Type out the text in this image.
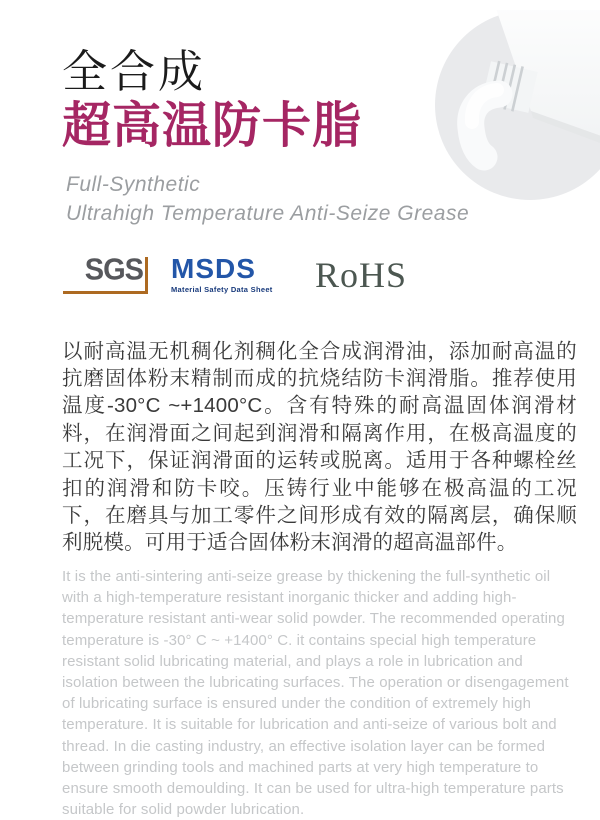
全合成
超高温防卡脂
Full-Synthetic
Ultrahigh Temperature Anti-Seize Grease
SGS MSDS
Material Safety Data Sheet RoHS

以耐高温无机稠化剂稠化全合成润滑油，添加耐高温的抗磨固体粉末精制而成的抗烧结防卡润滑脂。推荐使用温度-30°C ~+1400°C。含有特殊的耐高温固体润滑材料，在润滑面之间起到润滑和隔离作用，在极高温度的工况下，保证润滑面的运转或脱离。适用于各种螺栓丝扣的润滑和防卡咬。压铸行业中能够在极高温的工况下，在磨具与加工零件之间形成有效的隔离层，确保顺利脱模。可用于适合固体粉末润滑的超高温部件。

It is the anti-sintering anti-seize grease by thickening the full-synthetic oil with a high-temperature resistant inorganic thicker and adding high-temperature resistant anti-wear solid powder. The recommended operating temperature is -30° C ~ +1400° C. it contains special high temperature resistant solid lubricating material, and plays a role in lubrication and isolation between the lubricating surfaces. The operation or disengagement of lubricating surface is ensured under the condition of extremely high temperature. It is suitable for lubrication and anti-seize of various bolt and thread. In die casting industry, an effective isolation layer can be formed between grinding tools and machined parts at very high temperature to ensure smooth demoulding. It can be used for ultra-high temperature parts suitable for solid powder lubrication.
